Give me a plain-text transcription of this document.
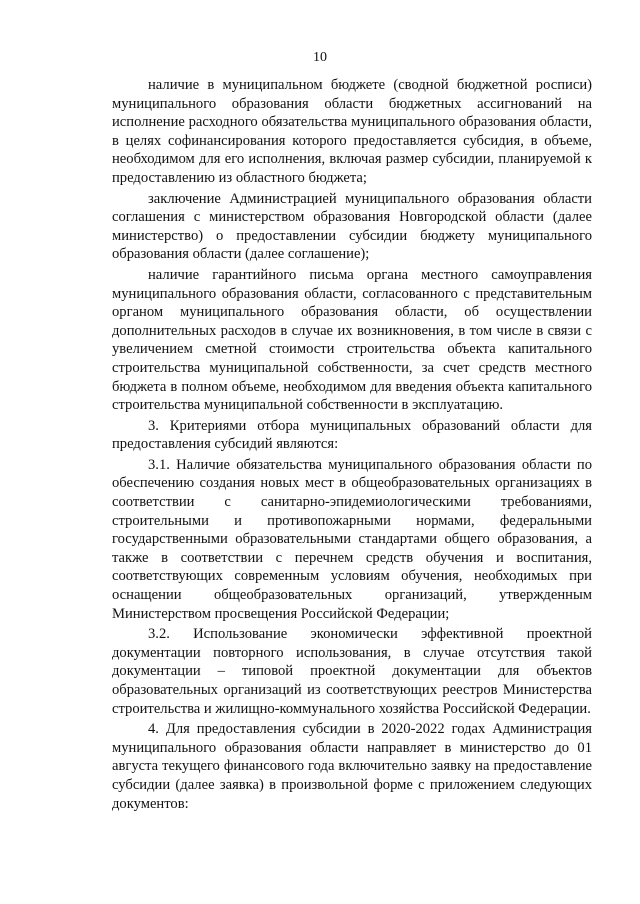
10

наличие в муниципальном бюджете (сводной бюджетной росписи) муниципального образования области бюджетных ассигнований на исполнение расходного обязательства муниципального образования области, в целях софинансирования которого предоставляется субсидия, в объеме, необходимом для его исполнения, включая размер субсидии, планируемой к предоставлению из областного бюджета;

заключение Администрацией муниципального образования области соглашения с министерством образования Новгородской области (далее министерство) о предоставлении субсидии бюджету муниципального образования области (далее соглашение);

наличие гарантийного письма органа местного самоуправления муниципального образования области, согласованного с представительным органом муниципального образования области, об осуществлении дополнительных расходов в случае их возникновения, в том числе в связи с увеличением сметной стоимости строительства объекта капитального строительства муниципальной собственности, за счет средств местного бюджета в полном объеме, необходимом для введения объекта капитального строительства муниципальной собственности в эксплуатацию.

3. Критериями отбора муниципальных образований области для предоставления субсидий являются:

3.1. Наличие обязательства муниципального образования области по обеспечению создания новых мест в общеобразовательных организациях в соответствии с санитарно-эпидемиологическими требованиями, строительными и противопожарными нормами, федеральными государственными образовательными стандартами общего образования, а также в соответствии с перечнем средств обучения и воспитания, соответствующих современным условиям обучения, необходимых при оснащении общеобразовательных организаций, утвержденным Министерством просвещения Российской Федерации;

3.2. Использование экономически эффективной проектной документации повторного использования, в случае отсутствия такой документации – типовой проектной документации для объектов образовательных организаций из соответствующих реестров Министерства строительства и жилищно-коммунального хозяйства Российской Федерации.

4. Для предоставления субсидии в 2020-2022 годах Администрация муниципального образования области направляет в министерство до 01 августа текущего финансового года включительно заявку на предоставление субсидии (далее заявка) в произвольной форме с приложением следующих документов:
